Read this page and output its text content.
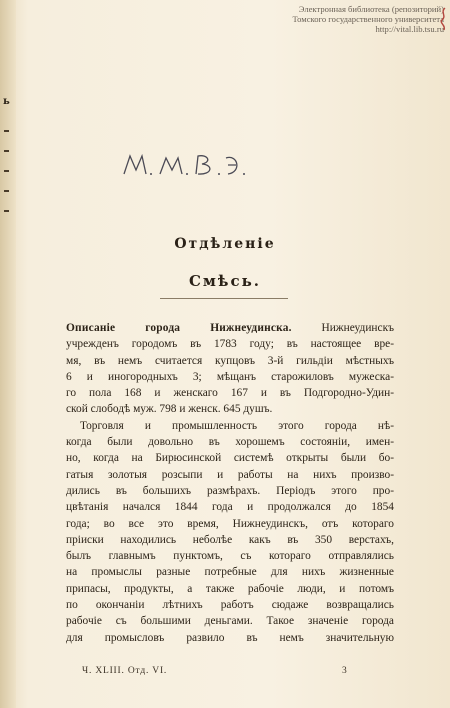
ь
Электронная библиотека (репозиторий)
Томского государственного университета
http://vital.lib.tsu.ru
Отдѣленіе
Смѣсь.
Описаніе города Нижнеудинска. Нижнеудинскъ
учрежденъ городомъ въ 1783 году; въ настоящее вре-
мя, въ немъ считается купцовъ 3-й гильдіи мѣстныхъ
6 и иногородныхъ 3; мѣщанъ старожиловъ мужеска-
го пола 168 и женскаго 167 и въ Подгородно-Удин-
ской слободѣ муж. 798 и женск. 645 душъ.
Торговля и промышленность этого города нѣ-
когда были довольно въ хорошемъ состояніи, имен-
но, когда на Бирюсинской системѣ открыты были бо-
гатыя золотыя розсыпи и работы на нихъ произво-
дились въ большихъ размѣрахъ. Періодъ этого про-
цвѣтанія начался 1844 года и продолжался до 1854
года; во все это время, Нижнеудинскъ, отъ котораго
пріиски находились неболѣе какъ въ 350 верстахъ,
былъ главнымъ пунктомъ, съ котораго отправлялись
на промыслы разные потребные для нихъ жизненные
припасы, продукты, а также рабочіе люди, и потомъ
по окончаніи лѣтнихъ работъ сюдаже возвращались
рабочіе съ большими деньгами. Такое значеніе города
для промысловъ развило въ немъ значительную
Ч. XLIII. Отд. VI.	3
